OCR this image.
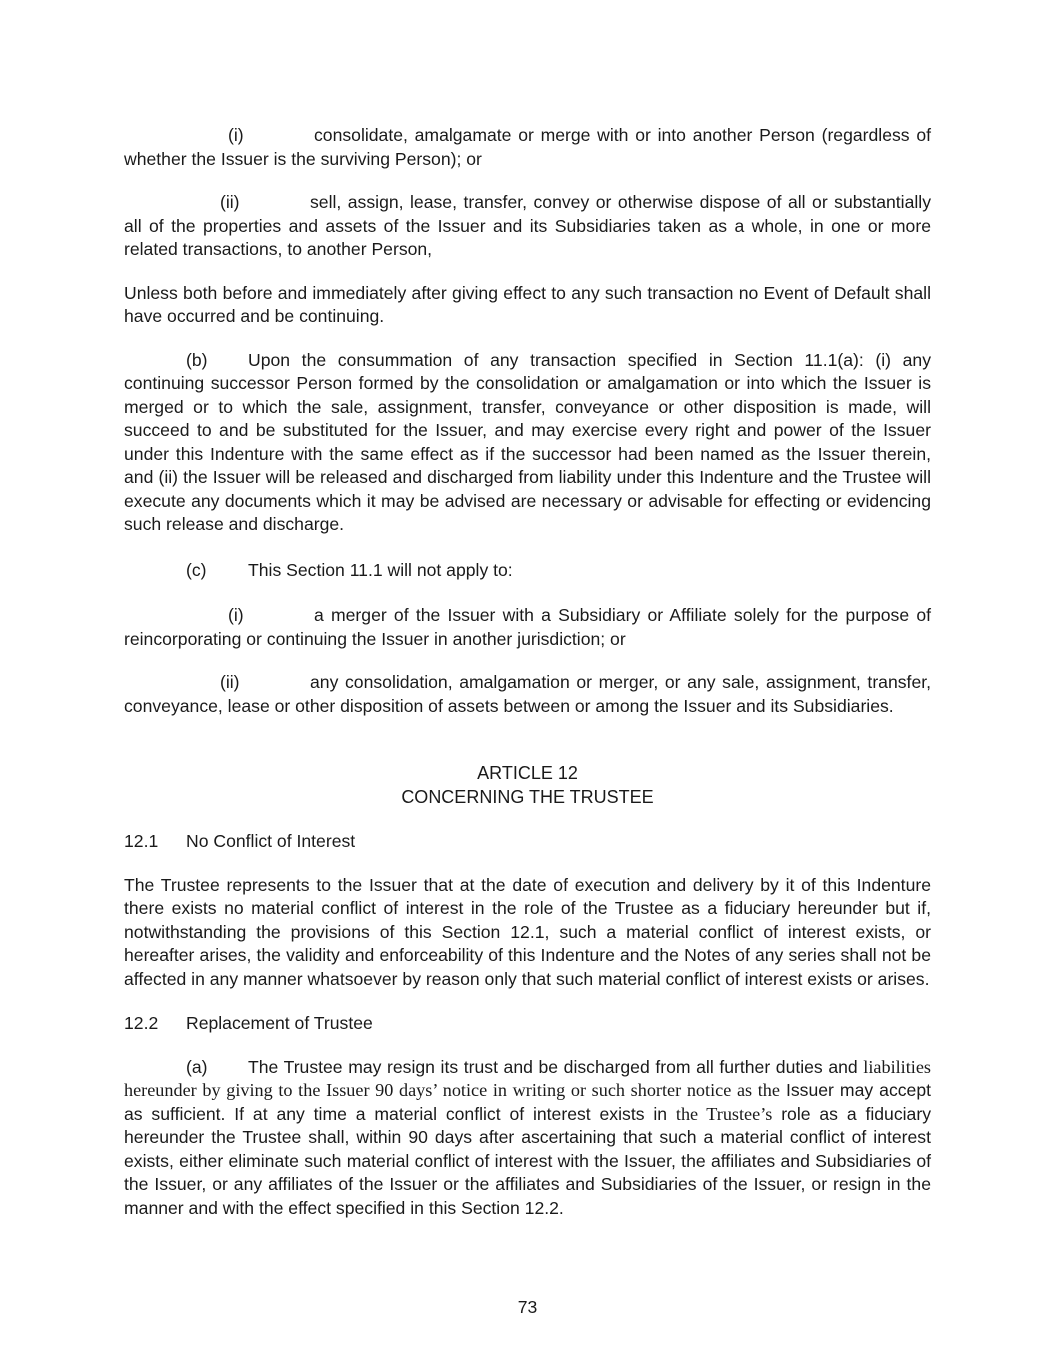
(i)	consolidate, amalgamate or merge with or into another Person (regardless of whether the Issuer is the surviving Person); or

(ii)	sell, assign, lease, transfer, convey or otherwise dispose of all or substantially all of the properties and assets of the Issuer and its Subsidiaries taken as a whole, in one or more related transactions, to another Person,

Unless both before and immediately after giving effect to any such transaction no Event of Default shall have occurred and be continuing.

(b) Upon the consummation of any transaction specified in Section 11.1(a): (i) any continuing successor Person formed by the consolidation or amalgamation or into which the Issuer is merged or to which the sale, assignment, transfer, conveyance or other disposition is made, will succeed to and be substituted for the Issuer, and may exercise every right and power of the Issuer under this Indenture with the same effect as if the successor had been named as the Issuer therein, and (ii) the Issuer will be released and discharged from liability under this Indenture and the Trustee will execute any documents which it may be advised are necessary or advisable for effecting or evidencing such release and discharge.

(c) This Section 11.1 will not apply to:

(i)	a merger of the Issuer with a Subsidiary or Affiliate solely for the purpose of reincorporating or continuing the Issuer in another jurisdiction; or

(ii)	any consolidation, amalgamation or merger, or any sale, assignment, transfer, conveyance, lease or other disposition of assets between or among the Issuer and its Subsidiaries.

ARTICLE 12
CONCERNING THE TRUSTEE
12.1 No Conflict of Interest

The Trustee represents to the Issuer that at the date of execution and delivery by it of this Indenture there exists no material conflict of interest in the role of the Trustee as a fiduciary hereunder but if, notwithstanding the provisions of this Section 12.1, such a material conflict of interest exists, or hereafter arises, the validity and enforceability of this Indenture and the Notes of any series shall not be affected in any manner whatsoever by reason only that such material conflict of interest exists or arises.

12.2 Replacement of Trustee

(a) The Trustee may resign its trust and be discharged from all further duties and liabilities hereunder by giving to the Issuer 90 days’ notice in writing or such shorter notice as the Issuer may accept as sufficient. If at any time a material conflict of interest exists in the Trustee’s role as a fiduciary hereunder the Trustee shall, within 90 days after ascertaining that such a material conflict of interest exists, either eliminate such material conflict of interest with the Issuer, the affiliates and Subsidiaries of the Issuer, or any affiliates of the Issuer or the affiliates and Subsidiaries of the Issuer, or resign in the manner and with the effect specified in this Section 12.2.

73
